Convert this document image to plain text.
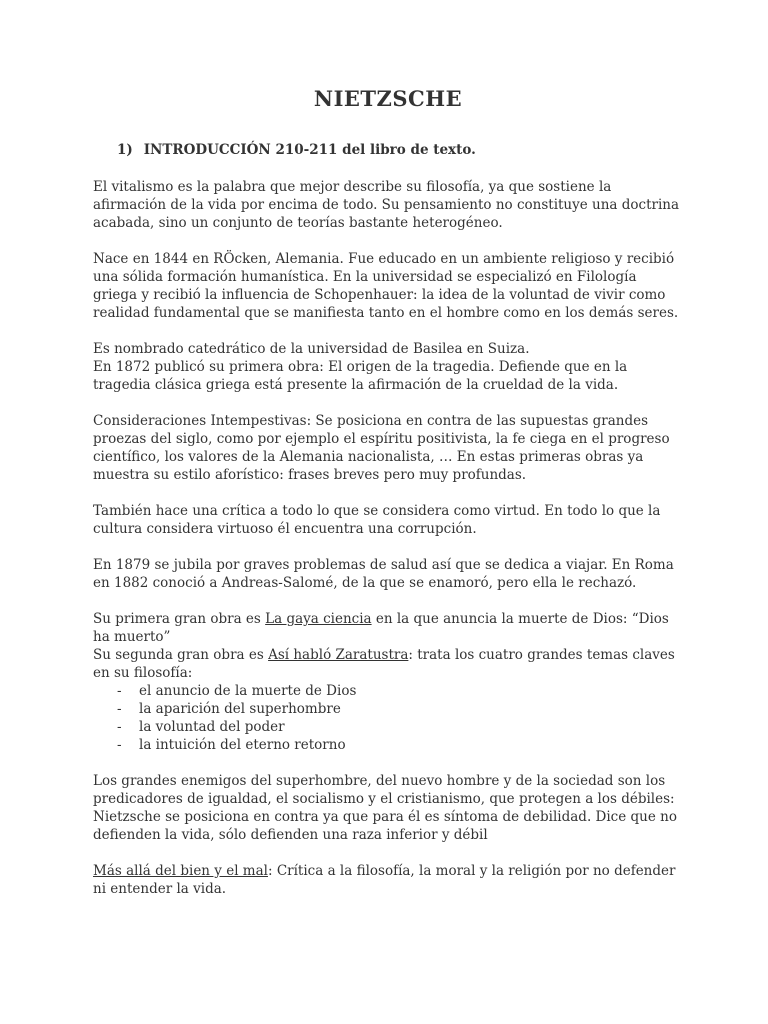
NIETZSCHE
1) INTRODUCCIÓN 210-211 del libro de texto.

El vitalismo es la palabra que mejor describe su filosofía, ya que sostiene la afirmación de la vida por encima de todo. Su pensamiento no constituye una doctrina acabada, sino un conjunto de teorías bastante heterogéneo.

Nace en 1844 en RÖcken, Alemania. Fue educado en un ambiente religioso y recibió una sólida formación humanística. En la universidad se especializó en Filología griega y recibió la influencia de Schopenhauer: la idea de la voluntad de vivir como realidad fundamental que se manifiesta tanto en el hombre como en los demás seres.

Es nombrado catedrático de la universidad de Basilea en Suiza.
En 1872 publicó su primera obra: El origen de la tragedia. Defiende que en la tragedia clásica griega está presente la afirmación de la crueldad de la vida.

Consideraciones Intempestivas: Se posiciona en contra de las supuestas grandes proezas del siglo, como por ejemplo el espíritu positivista, la fe ciega en el progreso científico, los valores de la Alemania nacionalista, … En estas primeras obras ya muestra su estilo aforístico: frases breves pero muy profundas.

También hace una crítica a todo lo que se considera como virtud. En todo lo que la cultura considera virtuoso él encuentra una corrupción.

En 1879 se jubila por graves problemas de salud así que se dedica a viajar. En Roma en 1882 conoció a Andreas-Salomé, de la que se enamoró, pero ella le rechazó.

Su primera gran obra es La gaya ciencia en la que anuncia la muerte de Dios: “Dios ha muerto”
Su segunda gran obra es Así habló Zaratustra: trata los cuatro grandes temas claves en su filosofía:

- el anuncio de la muerte de Dios
- la aparición del superhombre
- la voluntad del poder
- la intuición del eterno retorno

Los grandes enemigos del superhombre, del nuevo hombre y de la sociedad son los predicadores de igualdad, el socialismo y el cristianismo, que protegen a los débiles: Nietzsche se posiciona en contra ya que para él es síntoma de debilidad. Dice que no defienden la vida, sólo defienden una raza inferior y débil

Más allá del bien y el mal: Crítica a la filosofía, la moral y la religión por no defender ni entender la vida.
